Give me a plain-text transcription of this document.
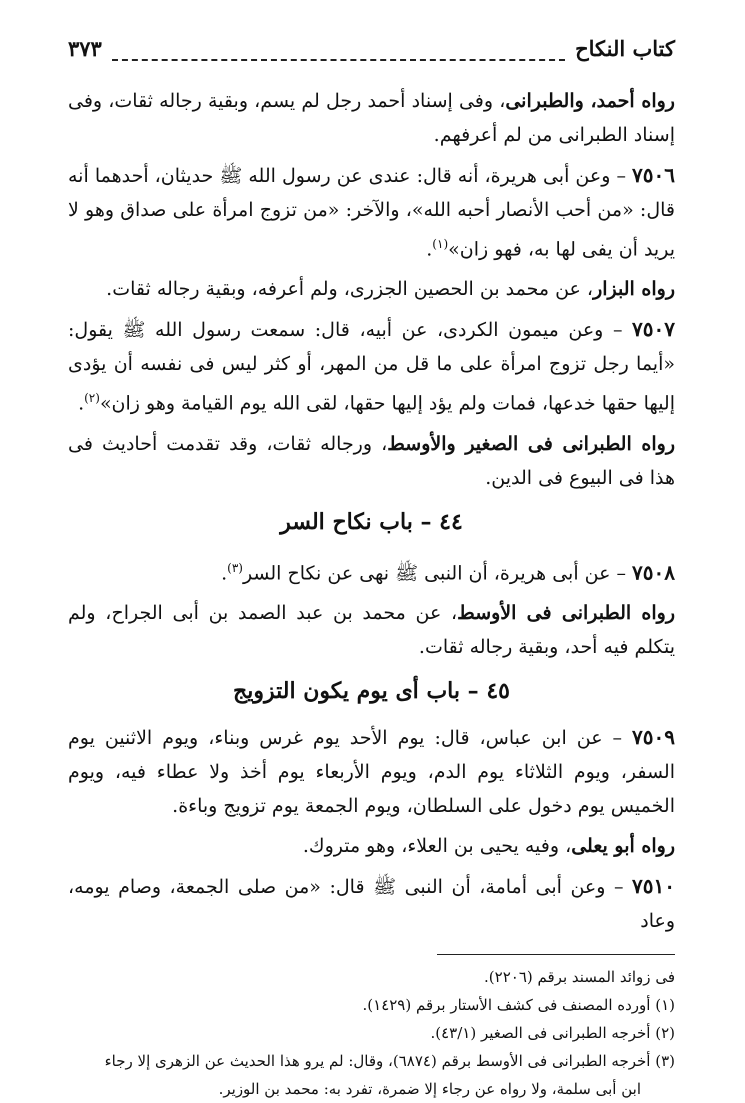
كتاب النكاح
٣٧٣

رواه أحمد، والطبرانى، وفى إسناد أحمد رجل لم يسم، وبقية رجاله ثقات، وفى إسناد الطبرانى من لم أعرفهم.

٧٥٠٦ – وعن أبى هريرة، أنه قال: عندى عن رسول الله ﷺ حديثان، أحدهما أنه قال: «من أحب الأنصار أحبه الله»، والآخر: «من تزوج امرأة على صداق وهو لا يريد أن يفى لها به، فهو زان»$^{(١)}$.

رواه البزار، عن محمد بن الحصين الجزرى، ولم أعرفه، وبقية رجاله ثقات.

٧٥٠٧ – وعن ميمون الكردى، عن أبيه، قال: سمعت رسول الله ﷺ يقول: «أيما رجل تزوج امرأة على ما قل من المهر، أو كثر ليس فى نفسه أن يؤدى إليها حقها خدعها، فمات ولم يؤد إليها حقها، لقى الله يوم القيامة وهو زان»$^{(٢)}$.

رواه الطبرانى فى الصغير والأوسط، ورجاله ثقات، وقد تقدمت أحاديث فى هذا فى البيوع فى الدين.

٤٤ – باب نكاح السر

٧٥٠٨ – عن أبى هريرة، أن النبى ﷺ نهى عن نكاح السر$^{(٣)}$.

رواه الطبرانى فى الأوسط، عن محمد بن عبد الصمد بن أبى الجراح، ولم يتكلم فيه أحد، وبقية رجاله ثقات.

٤٥ – باب أى يوم يكون التزويج

٧٥٠٩ – عن ابن عباس، قال: يوم الأحد يوم غرس وبناء، ويوم الاثنين يوم السفر، ويوم الثلاثاء يوم الدم، ويوم الأربعاء يوم أخذ ولا عطاء فيه، ويوم الخميس يوم دخول على السلطان، ويوم الجمعة يوم تزويج وباءة.

رواه أبو يعلى، وفيه يحيى بن العلاء، وهو متروك.

٧٥١٠ – وعن أبى أمامة، أن النبى ﷺ قال: «من صلى الجمعة، وصام يومه، وعاد

فى زوائد المسند برقم (٢٢٠٦).

(١) أورده المصنف فى كشف الأستار برقم (١٤٢٩).

(٢) أخرجه الطبرانى فى الصغير (٤٣/١).

(٣) أخرجه الطبرانى فى الأوسط برقم (٦٨٧٤)، وقال: لم يرو هذا الحديث عن الزهرى إلا رجاء

ابن أبى سلمة، ولا رواه عن رجاء إلا ضمرة، تفرد به: محمد بن الوزير.
